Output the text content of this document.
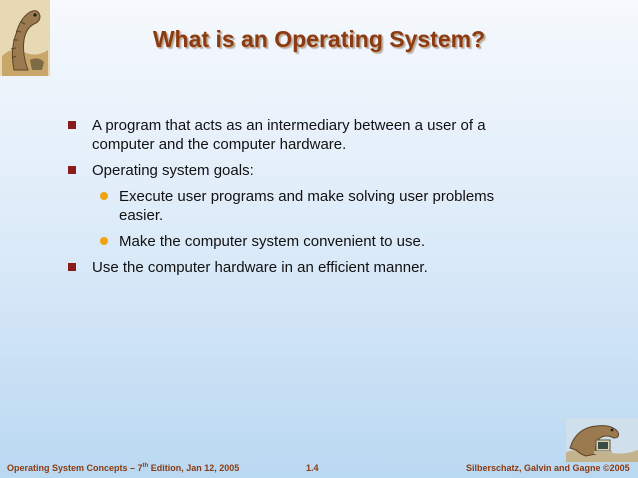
What is an Operating System?
A program that acts as an intermediary between a user of a computer and the computer hardware.
Operating system goals:
Execute user programs and make solving user problems easier.
Make the computer system convenient to use.
Use the computer hardware in an efficient manner.
Operating System Concepts – 7th Edition, Jan 12, 2005	1.4	Silberschatz, Galvin and Gagne ©2005
